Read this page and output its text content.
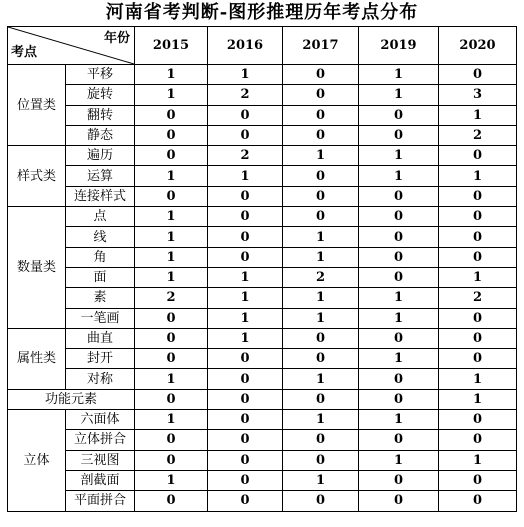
河南省考判断-图形推理历年考点分布
年份
考点		2015	2016	2017	2019	2020
位置类	平移	1	1	0	1	0
	旋转	1	2	0	1	3
	翻转	0	0	0	0	1
	静态	0	0	0	0	2
样式类	遍历	0	2	1	1	0
	运算	1	1	0	1	1
	连接样式	0	0	0	0	0
数量类	点	1	0	0	0	0
	线	1	0	1	0	0
	角	1	0	1	0	0
	面	1	1	2	0	1
	素	2	1	1	1	2
	一笔画	0	1	1	1	0
属性类	曲直	0	1	0	0	0
	封开	0	0	0	1	0
	对称	1	0	1	0	1
功能元素		0	0	0	0	1
立体	六面体	1	0	1	1	0
	立体拼合	0	0	0	0	0
	三视图	0	0	0	1	1
	剖截面	1	0	1	0	0
	平面拼合	0	0	0	0	0
